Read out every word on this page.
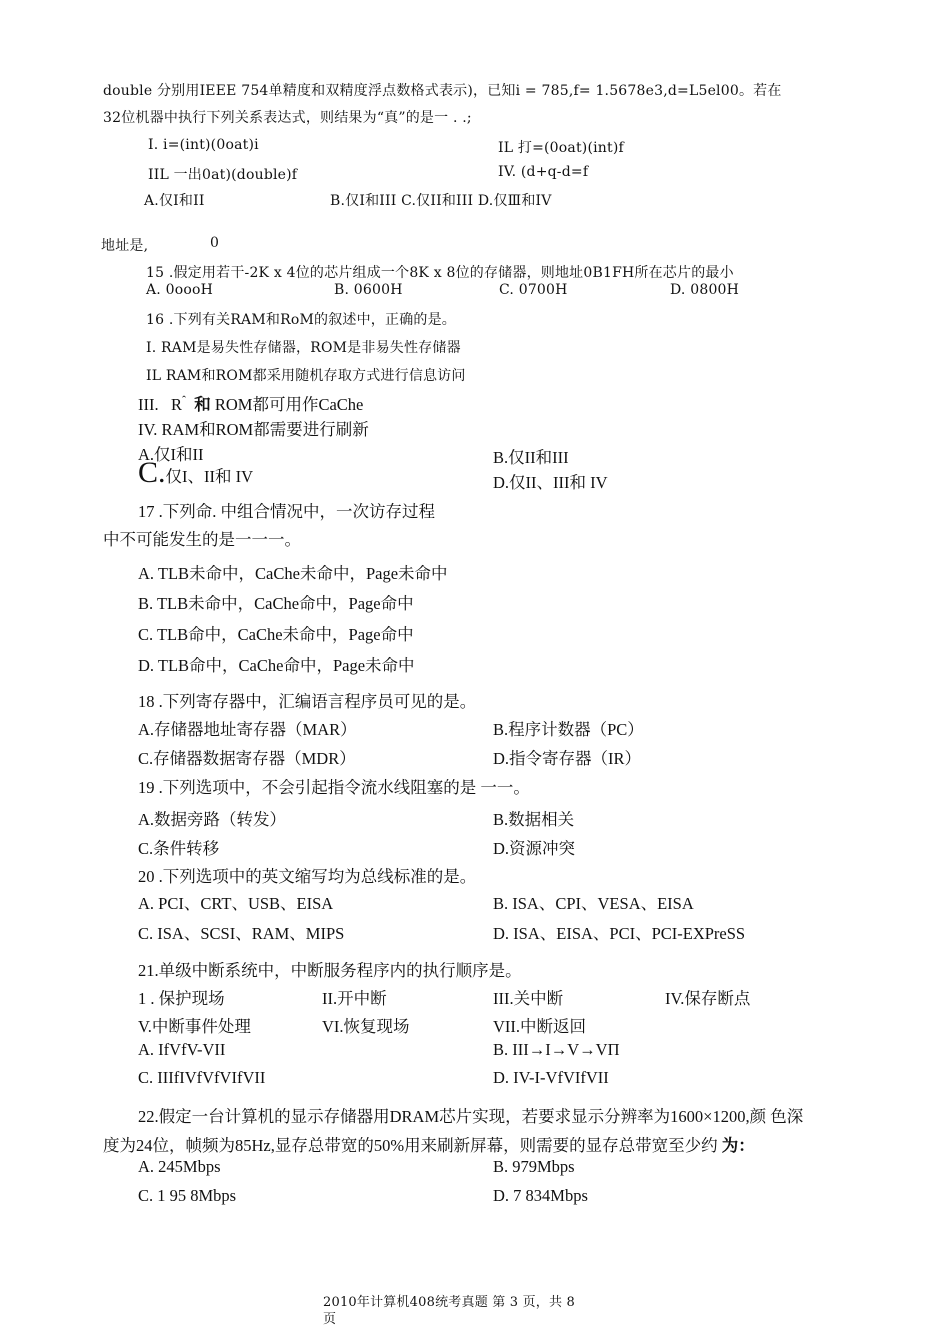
double 分别用IEEE 754单精度和双精度浮点数格式表示)，已知i = 785,f= 1.5678e3,d=L5el00。若在
32位机器中执行下列关系表达式，则结果为“真”的是一 . .;
I. i=(int)(0oat)i	IL 打=(0oat)(int)f
IIL 一出0at)(double)f	IV. (d+q-d=f
A.仅I和II	B.仅I和III C.仅II和III D.仅Ⅲ和IV
地址是,	0
15 .假定用若干-2K x 4位的芯片组成一个8K x 8位的存储器，则地址0B1FH所在芯片的最小
A. 0oooH	B. 0600H	C. 0700H	D. 0800H
16 .下列有关RAM和RoM的叙述中，正确的是。
I. RAM是易失性存储器，ROM是非易失性存储器
IL RAM和ROM都采用随机存取方式进行信息访问
III. $R^ˆ$ 和 ROM都可用作CaChe
IV. RAM和ROM都需要进行刷新
A.仅I和II	B.仅II和III
C.仅I、II和 IV	D.仅II、III和 IV
17 .下列命. 中组合情况中，一次访存过程
中不可能发生的是一一一。
A. TLB未命中，CaChe未命中，Page未命中
B. TLB未命中，CaChe命中，Page命中
C. TLB命中，CaChe未命中，Page命中
D. TLB命中，CaChe命中，Page未命中
18 .下列寄存器中，汇编语言程序员可见的是。
A.存储器地址寄存器（MAR）	B.程序计数器（PC）
C.存储器数据寄存器（MDR）	D.指令寄存器（IR）
19 .下列选项中，不会引起指令流水线阻塞的是 一一。
A.数据旁路（转发）	B.数据相关
C.条件转移	D.资源冲突
20 .下列选项中的英文缩写均为总线标准的是。
A. PCI、CRT、USB、EISA	B. ISA、CPI、VESA、EISA
C. ISA、SCSI、RAM、MIPS	D. ISA、EISA、PCI、PCI-EXPreSS
21.单级中断系统中，中断服务程序内的执行顺序是。
1 . 保护现场	II.开中断	III.关中断	IV.保存断点
V.中断事件处理	VI.恢复现场	VII.中断返回
A. IfVfV-VII	B. III→I→V→VΠ
C. IIIfIVfVfVIfVII	D. IV-I-VfVIfVII
22.假定一台计算机的显示存储器用DRAM芯片实现，若要求显示分辨率为1600×1200,颜 色深
度为24位，帧频为85Hz,显存总带宽的50%用来刷新屏幕，则需要的显存总带宽至少约 为：
A. 245Mbps	B. 979Mbps
C. 1 95 8Mbps	D. 7 834Mbps
2010年计算机408统考真题 第 3 页，共 8
页
